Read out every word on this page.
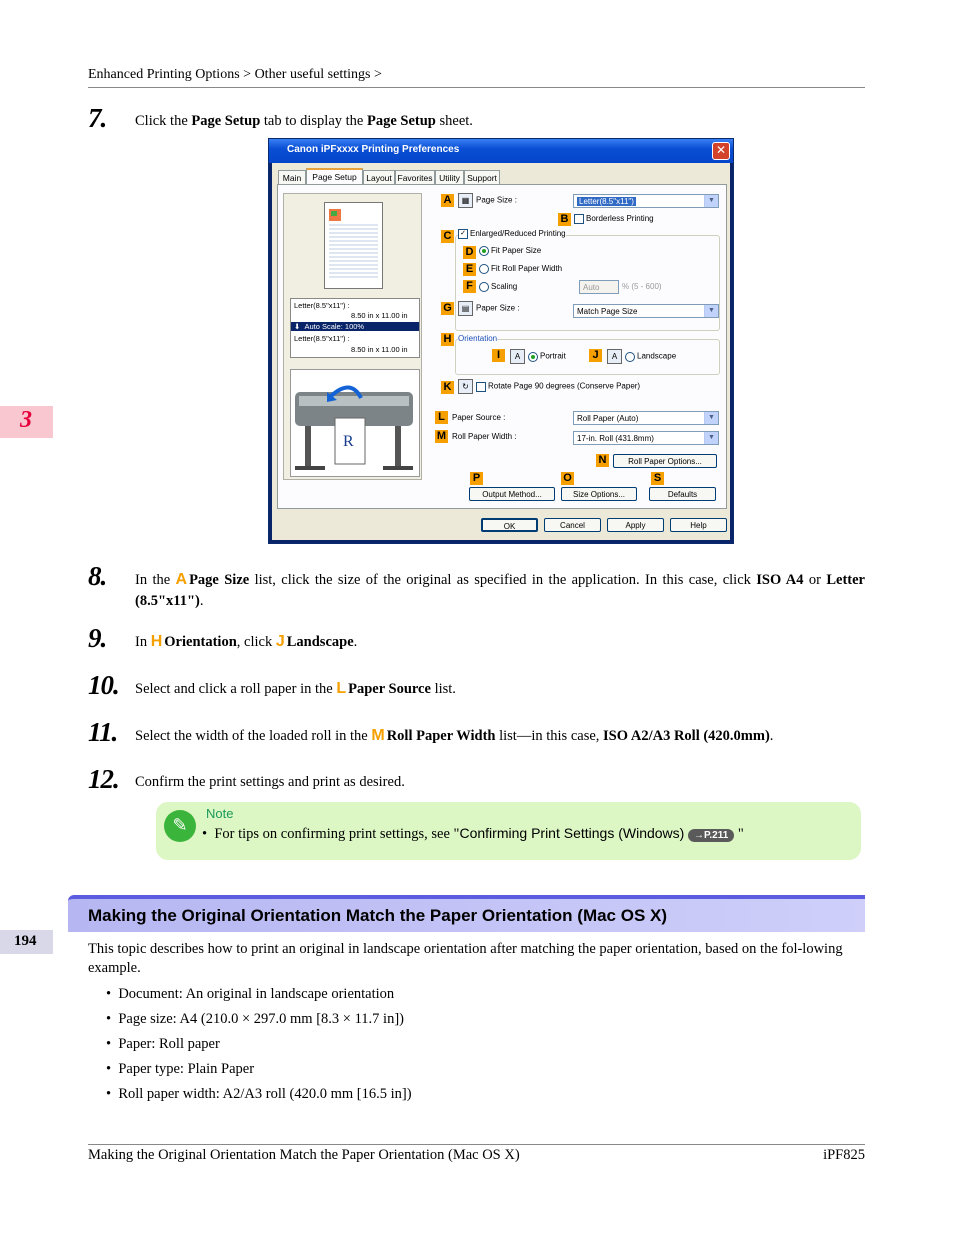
Enhanced Printing Options > Other useful settings >
3
194
7. Click the Page Setup tab to display the Page Setup sheet.
Canon iPFxxxx Printing Preferences	✕
Main	Page Setup	Layout Favorites Utility Support
Letter(8.5"x11") :
8.50 in x 11.00 in
⬇  Auto Scale: 100%
Letter(8.5"x11") :
8.50 in x 11.00 in
R
A	▦ Page Size :	Letter(8.5"x11")	▼
B	Borderless Printing
C	✓ Enlarged/Reduced Printing
D	Fit Paper Size
E	Fit Roll Paper Width
F	Scaling	Auto	% (5 - 600)
G	▤ Paper Size :	Match Page Size	▼
H Orientation
I	A Portrait	J	A Landscape
K	↻ Rotate Page 90 degrees (Conserve Paper)
L Paper Source :	Roll Paper (Auto)	▼
M Roll Paper Width :	17-in. Roll (431.8mm)	▼
N	Roll Paper Options...
P	O	S
Output Method...	Size Options...	Defaults
OK	Cancel	Apply	Help
8. In the A Page Size list, click the size of the original as specified in the application. In this case, click ISO A4 or Letter (8.5"x11").
9. In H Orientation, click J Landscape.
10. Select and click a roll paper in the L Paper Source list.
11. Select the width of the loaded roll in the M Roll Paper Width list—in this case, ISO A2/A3 Roll (420.0mm).
12. Confirm the print settings and print as desired.
✎
Note
• For tips on confirming print settings, see "Confirming Print Settings (Windows) →P.211 "
Making the Original Orientation Match the Paper Orientation (Mac OS X)
This topic describes how to print an original in landscape orientation after matching the paper orientation, based on the fol-lowing example.
•  Document: An original in landscape orientation
•  Page size: A4 (210.0 × 297.0 mm [8.3 × 11.7 in])
•  Paper: Roll paper
•  Paper type: Plain Paper
•  Roll paper width: A2/A3 roll (420.0 mm [16.5 in])
Making the Original Orientation Match the Paper Orientation (Mac OS X)	iPF825
